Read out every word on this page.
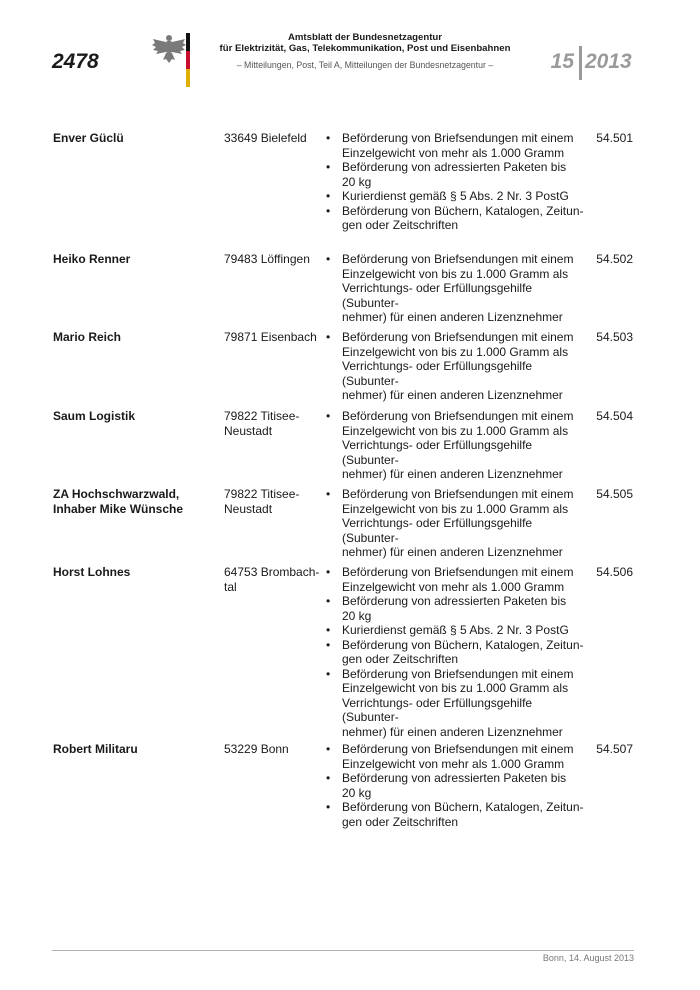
2478
Amtsblatt der Bundesnetzagentur
für Elektrizität, Gas, Telekommunikation, Post und Eisenbahnen
– Mitteilungen, Post, Teil A, Mitteilungen der Bundesnetzagentur –	15 2013
Enver Güclü	33649 Bielefeld	• Beförderung von Briefsendungen mit einem
Einzelgewicht von mehr als 1.000 Gramm
• Beförderung von adressierten Paketen bis
20 kg
• Kurierdienst gemäß § 5 Abs. 2 Nr. 3 PostG
• Beförderung von Büchern, Katalogen, Zeitun-
gen oder Zeitschriften
54.501
Heiko Renner	79483 Löffingen	• Beförderung von Briefsendungen mit einem
Einzelgewicht von bis zu 1.000 Gramm als
Verrichtungs- oder Erfüllungsgehilfe (Subunter-
nehmer) für einen anderen Lizenznehmer
54.502
Mario Reich	79871 Eisenbach	• Beförderung von Briefsendungen mit einem
Einzelgewicht von bis zu 1.000 Gramm als
Verrichtungs- oder Erfüllungsgehilfe (Subunter-
nehmer) für einen anderen Lizenznehmer
54.503
Saum Logistik	79822 Titisee-
Neustadt
• Beförderung von Briefsendungen mit einem
Einzelgewicht von bis zu 1.000 Gramm als
Verrichtungs- oder Erfüllungsgehilfe (Subunter-
nehmer) für einen anderen Lizenznehmer
54.504
ZA Hochschwarzwald,
Inhaber Mike Wünsche
79822 Titisee-
Neustadt
• Beförderung von Briefsendungen mit einem
Einzelgewicht von bis zu 1.000 Gramm als
Verrichtungs- oder Erfüllungsgehilfe (Subunter-
nehmer) für einen anderen Lizenznehmer
54.505
Horst Lohnes	64753 Brombach-
tal
• Beförderung von Briefsendungen mit einem
Einzelgewicht von mehr als 1.000 Gramm
• Beförderung von adressierten Paketen bis
20 kg
• Kurierdienst gemäß § 5 Abs. 2 Nr. 3 PostG
• Beförderung von Büchern, Katalogen, Zeitun-
gen oder Zeitschriften
• Beförderung von Briefsendungen mit einem
Einzelgewicht von bis zu 1.000 Gramm als
Verrichtungs- oder Erfüllungsgehilfe (Subunter-
nehmer) für einen anderen Lizenznehmer
54.506
Robert Militaru	53229 Bonn	• Beförderung von Briefsendungen mit einem
Einzelgewicht von mehr als 1.000 Gramm
• Beförderung von adressierten Paketen bis
20 kg
• Beförderung von Büchern, Katalogen, Zeitun-
gen oder Zeitschriften
54.507
Bonn, 14. August 2013
